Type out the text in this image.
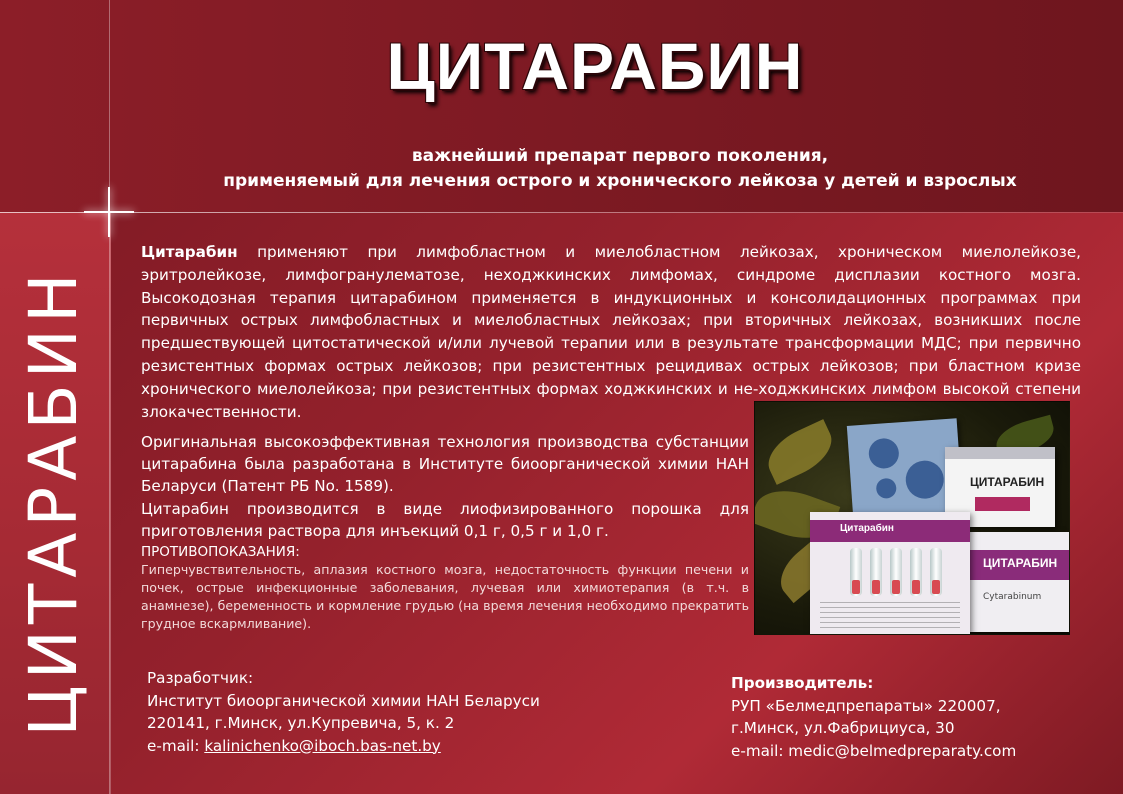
ЦИТАРАБИН
ЦИТАРАБИН
важнейший препарат первого поколения,
применяемый для лечения острого и хронического лейкоза у детей и взрослых
Цитарабин применяют при лимфобластном и миелобластном лейкозах, хроническом миелолейкозе, эритролейкозе, лимфогранулематозе, неходжкинских лимфомах, синдроме дисплазии костного мозга. Высокодозная терапия цитарабином применяется в индукционных и консолидационных программах при первичных острых лимфобластных и миелобластных лейкозах; при вторичных лейкозах, возникших после предшествующей цитостатической и/или лучевой терапии или в результате трансформации МДС; при первично резистентных формах острых лейкозов; при резистентных рецидивах острых лейкозов; при бластном кризе хронического миелолейкоза; при резистентных формах ходжкинских и не-ходжкинских лимфом высокой степени злокачественности.
Оригинальная высокоэффективная технология производства субстанции цитарабина была разработана в Институте биоорганической химии НАН Беларуси (Патент РБ No. 1589).
Цитарабин производится в виде лиофизированного порошка для приготовления раствора для инъекций 0,1 г, 0,5 г и 1,0 г.
ПРОТИВОПОКАЗАНИЯ:
Гиперчувствительность, аплазия костного мозга, недостаточность функции печени и почек, острые инфекционные заболевания, лучевая или химиотерапия (в т.ч. в анамнезе), беременность и кормление грудью (на время лечения необходимо прекратить грудное вскармливание).
ЦИТАРАБИН
ЦИТАРАБИН
Cytarabinum
Цитарабин
Разработчик:
Институт биоорганической химии НАН Беларуси
220141, г.Минск, ул.Купревича, 5, к. 2
e-mail: kalinichenko@iboch.bas-net.by
Производитель:
РУП «Белмедпрепараты» 220007,
г.Минск, ул.Фабрициуса, 30
e-mail: medic@belmedpreparaty.com
